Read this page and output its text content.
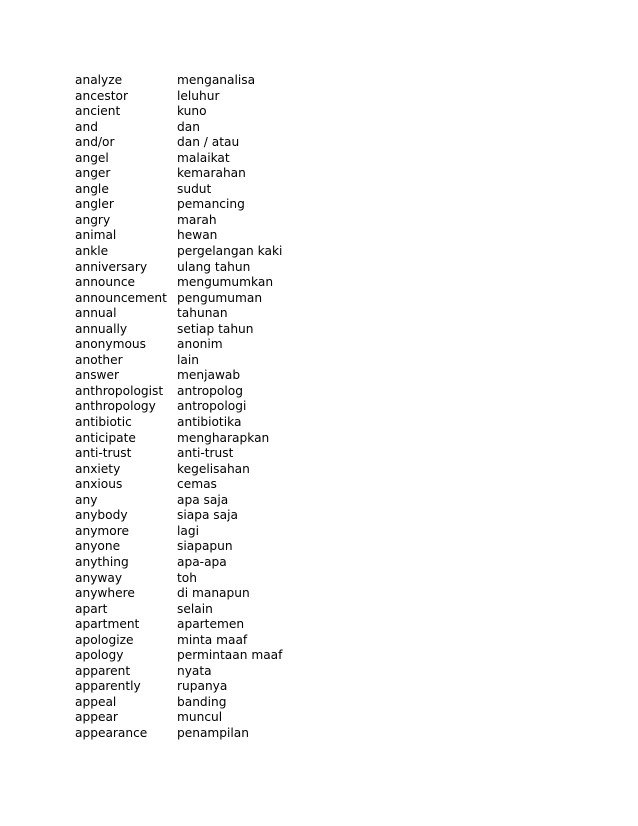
analyze	menganalisa
ancestor	leluhur
ancient	kuno
and	dan
and/or	dan / atau
angel	malaikat
anger	kemarahan
angle	sudut
angler	pemancing
angry	marah
animal	hewan
ankle	pergelangan kaki
anniversary	ulang tahun
announce	mengumumkan
announcement pengumuman
annual	tahunan
annually	setiap tahun
anonymous	anonim
another	lain
answer	menjawab
anthropologist	antropolog
anthropology	antropologi
antibiotic	antibiotika
anticipate	mengharapkan
anti-trust	anti-trust
anxiety	kegelisahan
anxious	cemas
any	apa saja
anybody	siapa saja
anymore	lagi
anyone	siapapun
anything	apa-apa
anyway	toh
anywhere	di manapun
apart	selain
apartment	apartemen
apologize	minta maaf
apology	permintaan maaf
apparent	nyata
apparently	rupanya
appeal	banding
appear	muncul
appearance	penampilan
